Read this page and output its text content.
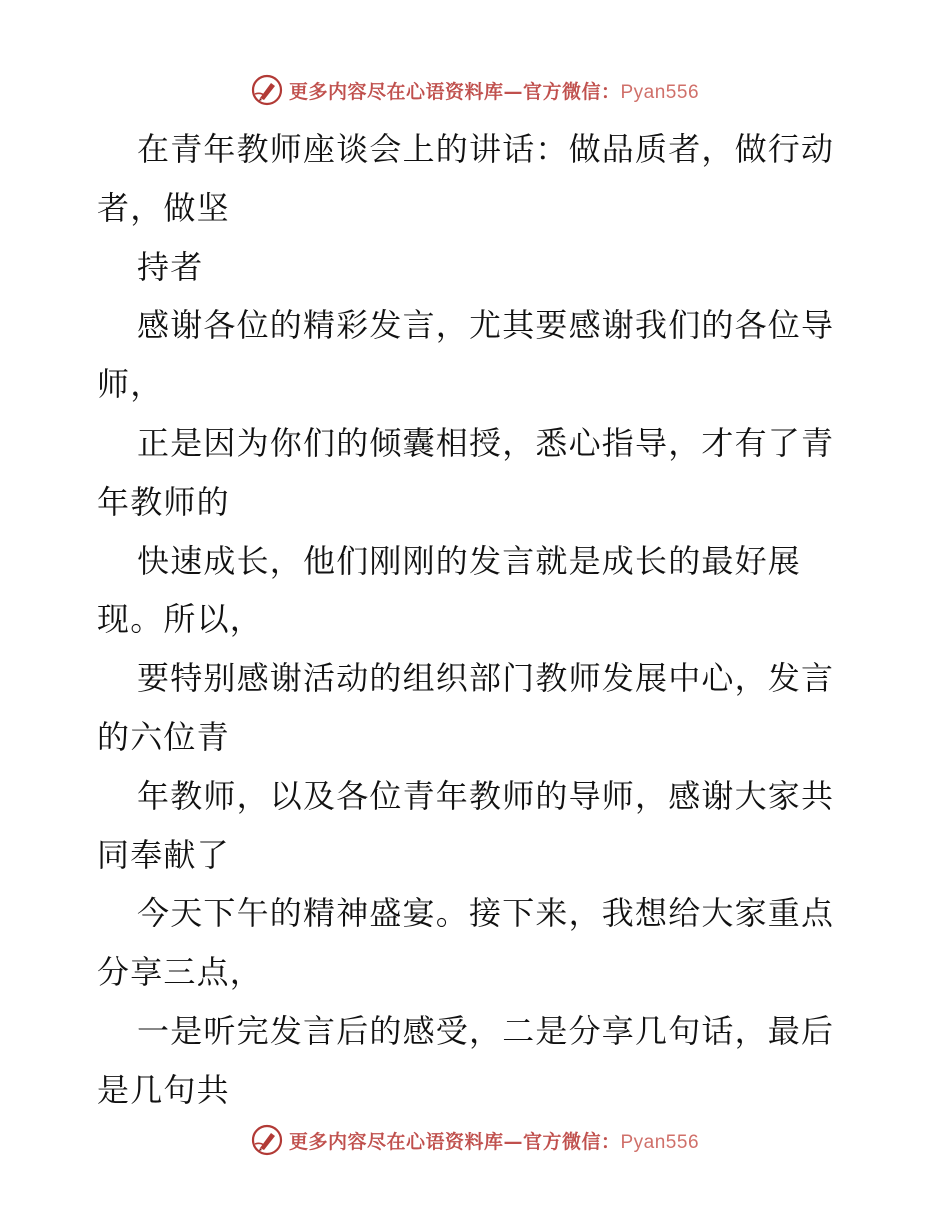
更多内容尽在心语资料库—官方微信：Pyan556
在青年教师座谈会上的讲话：做品质者，做行动
者，做坚
持者
感谢各位的精彩发言，尤其要感谢我们的各位导
师，
正是因为你们的倾囊相授，悉心指导，才有了青
年教师的
快速成长，他们刚刚的发言就是成长的最好展
现。所以，
要特别感谢活动的组织部门教师发展中心，发言
的六位青
年教师，以及各位青年教师的导师，感谢大家共
同奉献了
今天下午的精神盛宴。接下来，我想给大家重点
分享三点，
一是听完发言后的感受，二是分享几句话，最后
是几句共
更多内容尽在心语资料库—官方微信：Pyan556
